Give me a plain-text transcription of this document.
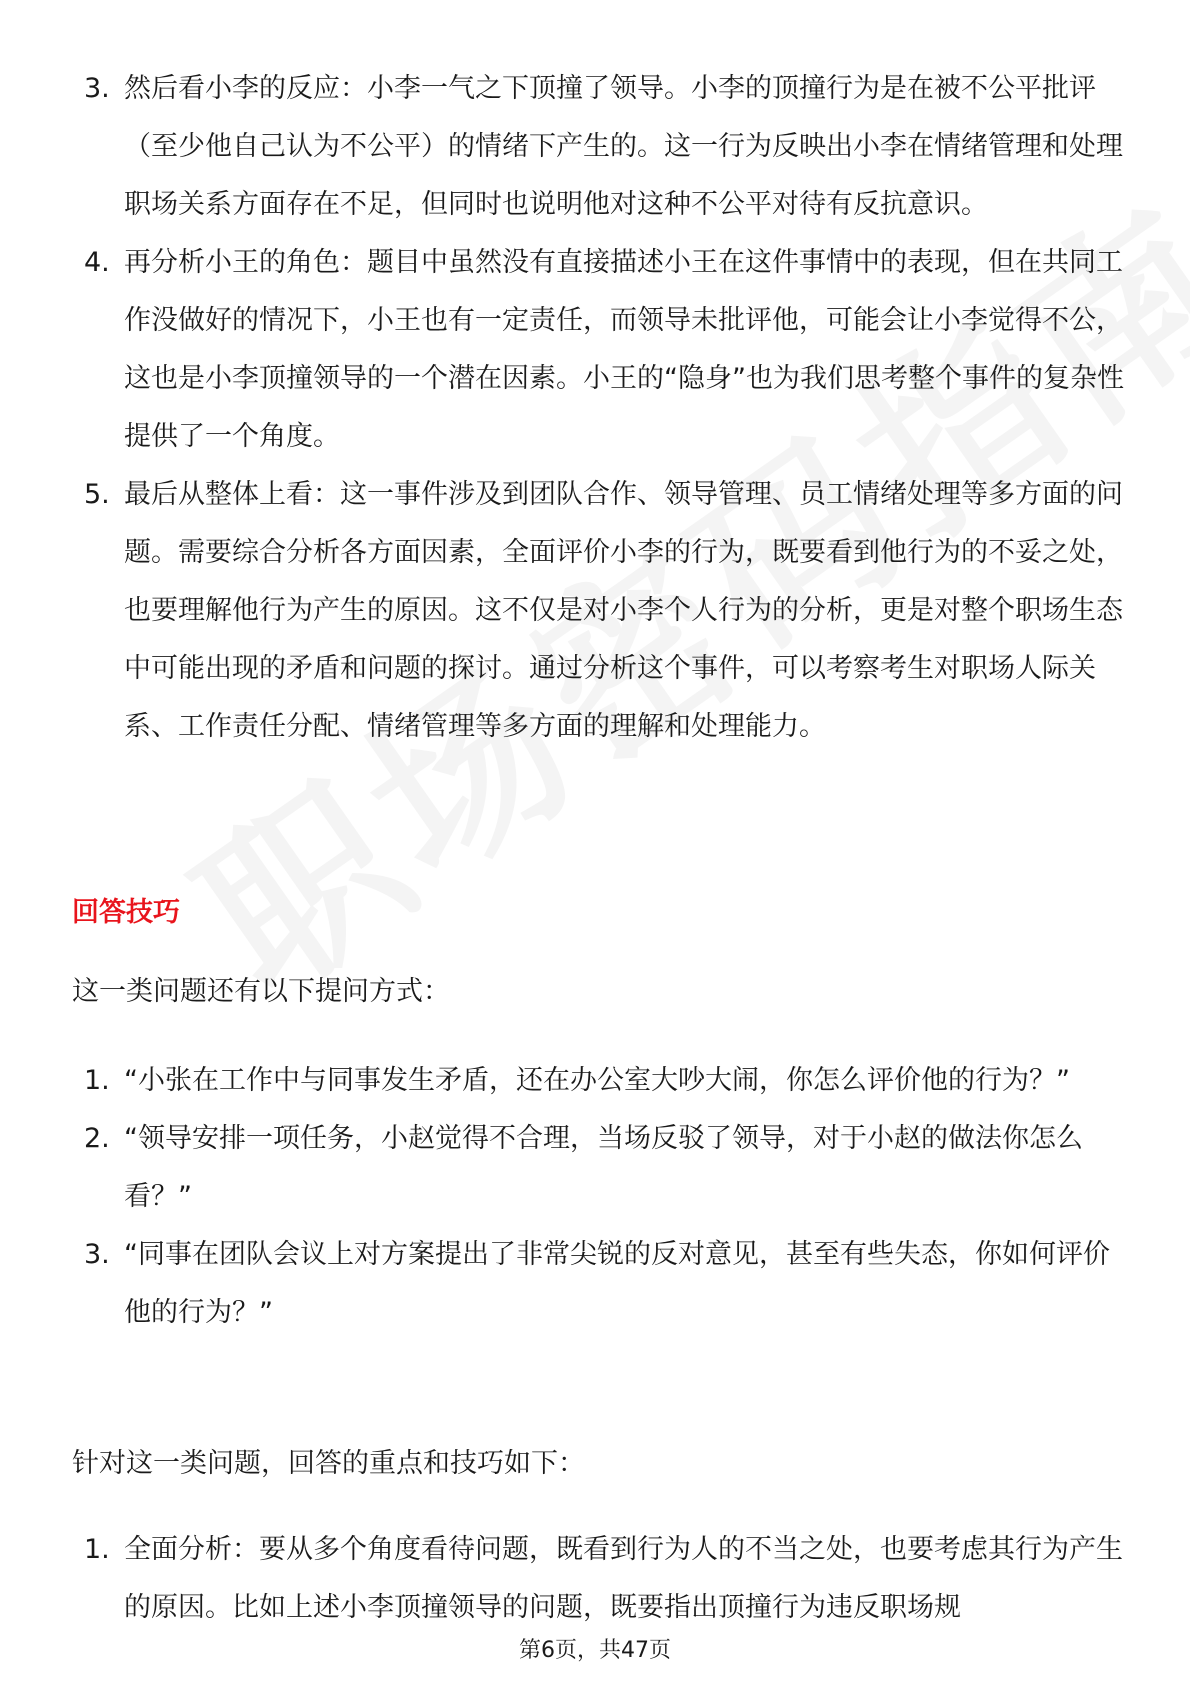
3. 然后看小李的反应：小李一气之下顶撞了领导。小李的顶撞行为是在被不公平批评（至少他自己认为不公平）的情绪下产生的。这一行为反映出小李在情绪管理和处理职场关系方面存在不足，但同时也说明他对这种不公平对待有反抗意识。
4. 再分析小王的角色：题目中虽然没有直接描述小王在这件事情中的表现，但在共同工作没做好的情况下，小王也有一定责任，而领导未批评他，可能会让小李觉得不公，这也是小李顶撞领导的一个潜在因素。小王的“隐身”也为我们思考整个事件的复杂性提供了一个角度。
5. 最后从整体上看：这一事件涉及到团队合作、领导管理、员工情绪处理等多方面的问题。需要综合分析各方面因素，全面评价小李的行为，既要看到他行为的不妥之处，也要理解他行为产生的原因。这不仅是对小李个人行为的分析，更是对整个职场生态中可能出现的矛盾和问题的探讨。通过分析这个事件，可以考察考生对职场人际关系、工作责任分配、情绪管理等多方面的理解和处理能力。
回答技巧
这一类问题还有以下提问方式：
1. “小张在工作中与同事发生矛盾，还在办公室大吵大闹，你怎么评价他的行为？”
2. “领导安排一项任务，小赵觉得不合理，当场反驳了领导，对于小赵的做法你怎么看？”
3. “同事在团队会议上对方案提出了非常尖锐的反对意见，甚至有些失态，你如何评价他的行为？”
针对这一类问题，回答的重点和技巧如下：
1. 全面分析：要从多个角度看待问题，既看到行为人的不当之处，也要考虑其行为产生的原因。比如上述小李顶撞领导的问题，既要指出顶撞行为违反职场规
第6页，共47页
